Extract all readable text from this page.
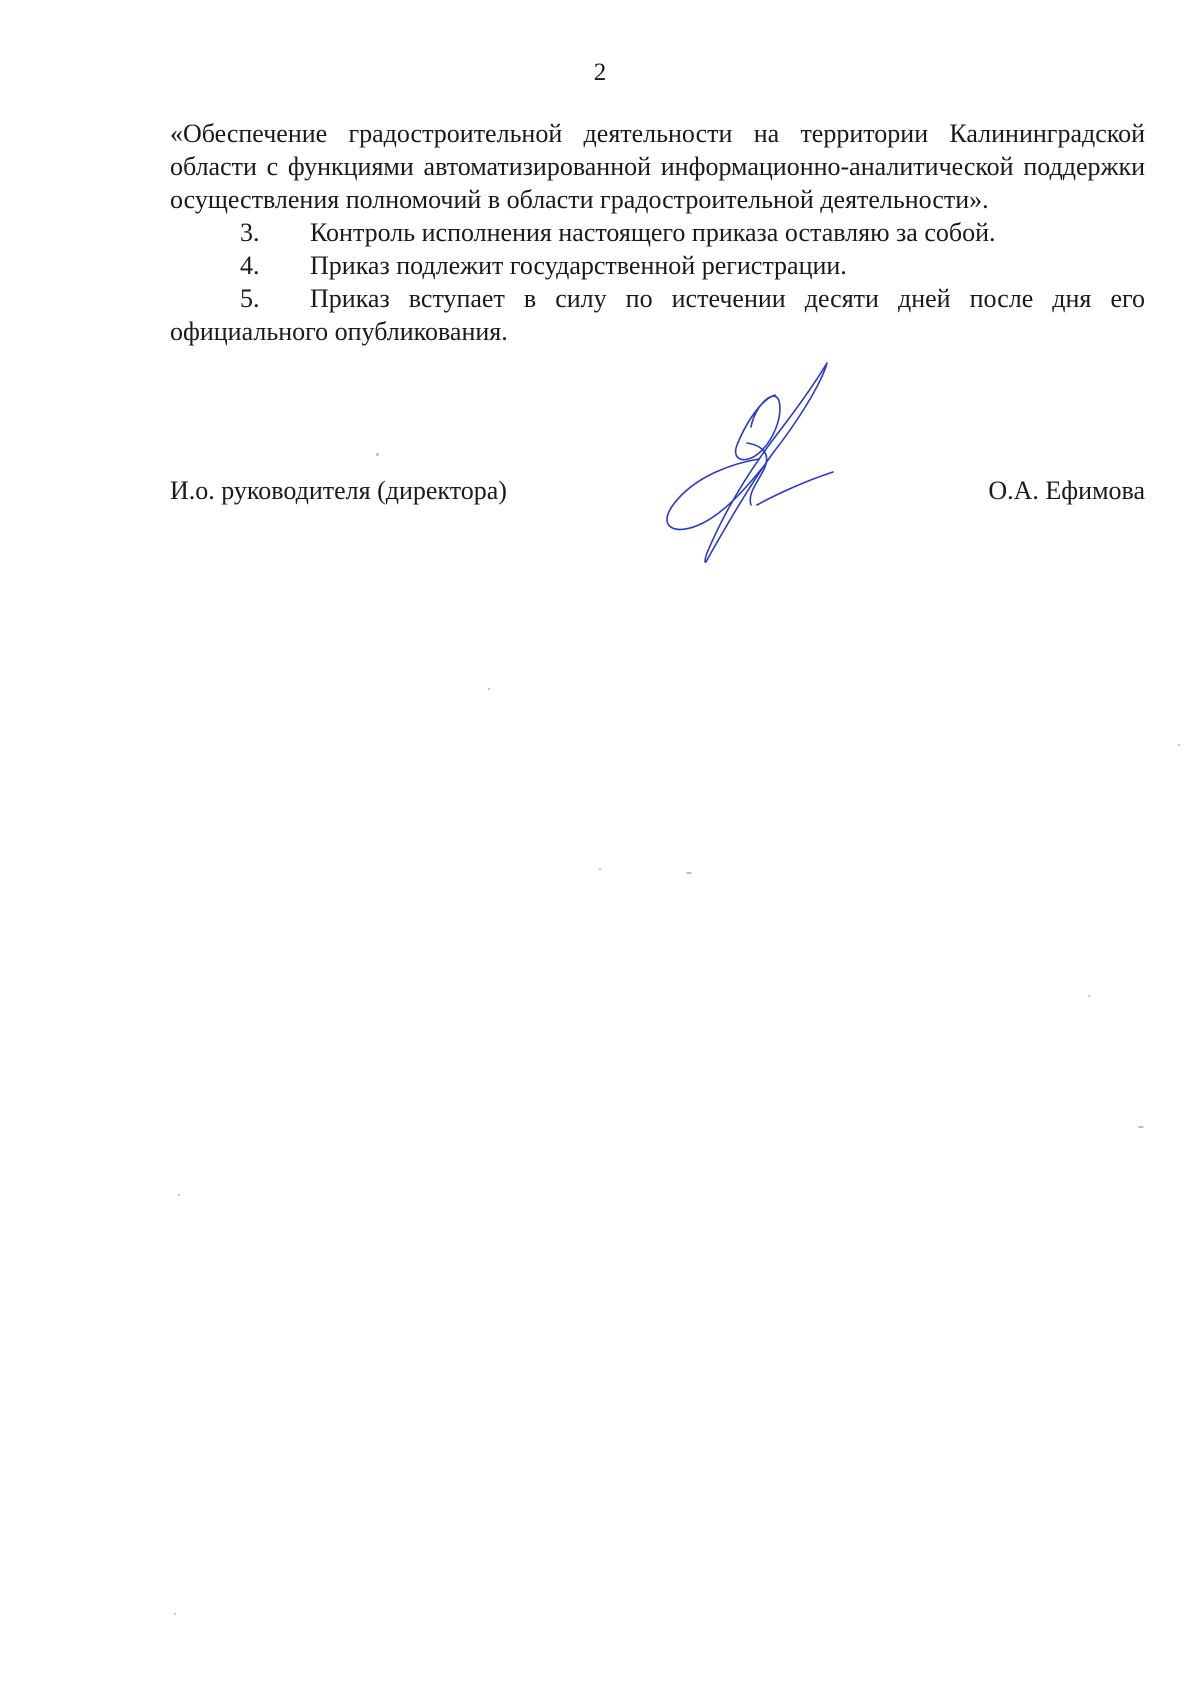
2

«Обеспечение градостроительной деятельности на территории Калининградской области с функциями автоматизированной информационно-аналитической поддержки осуществления полномочий в области градостроительной деятельности».

3. Контроль исполнения настоящего приказа оставляю за собой.

4. Приказ подлежит государственной регистрации.

5. Приказ вступает в силу по истечении десяти дней после дня его официального опубликования.

И.о. руководителя (директора)	О.А. Ефимова
